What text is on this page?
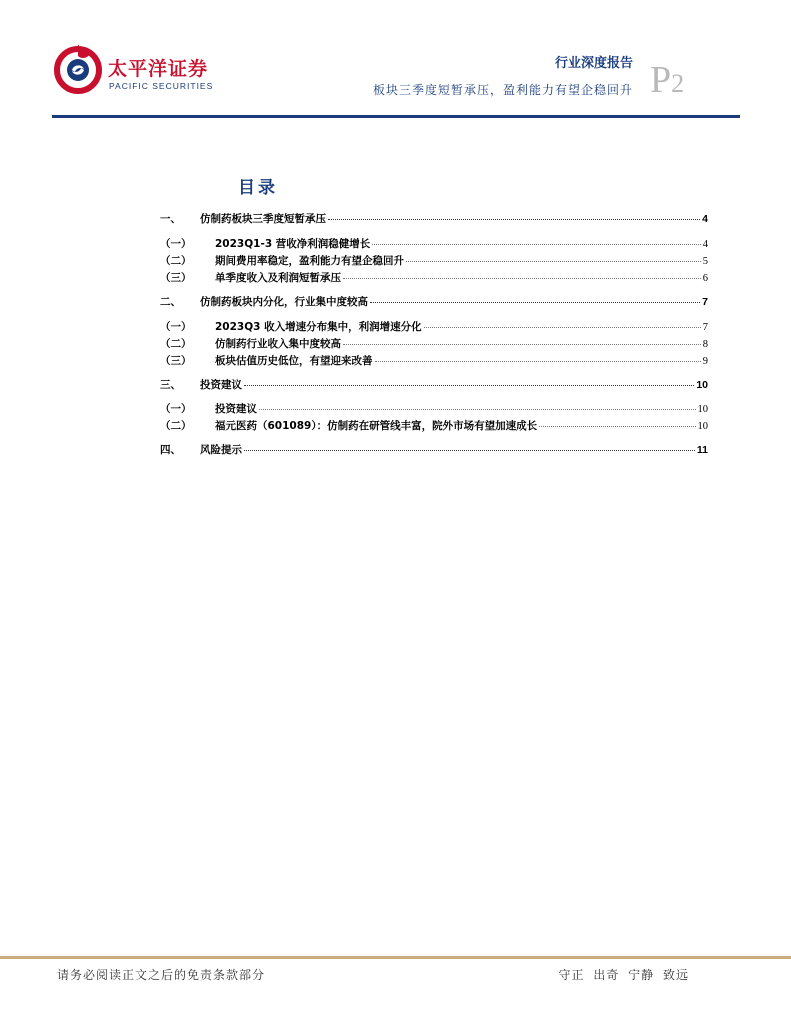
太平洋证券
PACIFIC SECURITIES
行业深度报告
板块三季度短暂承压，盈利能力有望企稳回升 P2
目录
一、	仿制药板块三季度短暂承压	4
（一）	2023Q1-3 营收净利润稳健增长	4
（二）	期间费用率稳定，盈利能力有望企稳回升	5
（三）	单季度收入及利润短暂承压	6
二、	仿制药板块内分化，行业集中度较高	7
（一）	2023Q3 收入增速分布集中，利润增速分化	7
（二）	仿制药行业收入集中度较高	8
（三）	板块估值历史低位，有望迎来改善	9
三、	投资建议	10
（一）	投资建议	10
（二）	福元医药（601089）：仿制药在研管线丰富，院外市场有望加速成长	10
四、	风险提示	11
请务必阅读正文之后的免责条款部分	守正 出奇 宁静 致远
